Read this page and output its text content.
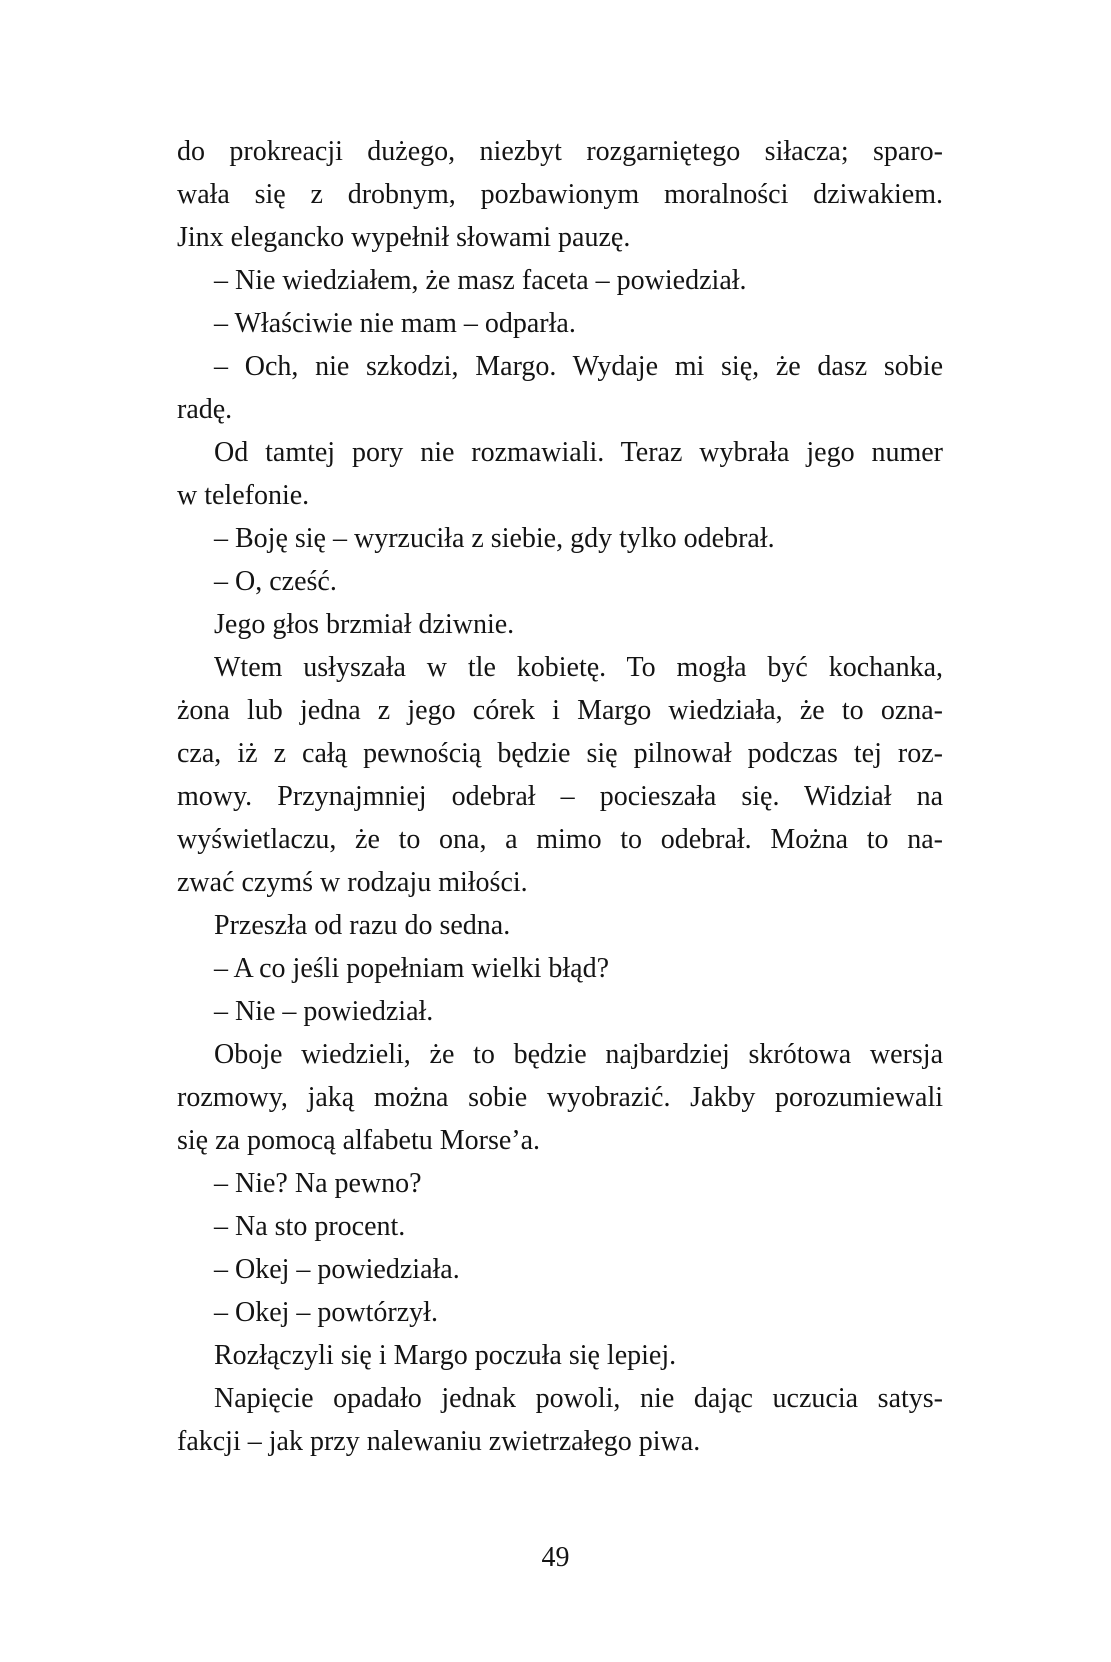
do prokreacji dużego, niezbyt rozgarniętego siłacza; sparo-
wała się z drobnym, pozbawionym moralności dziwakiem.
Jinx elegancko wypełnił słowami pauzę.
– Nie wiedziałem, że masz faceta – powiedział.
– Właściwie nie mam – odparła.
– Och, nie szkodzi, Margo. Wydaje mi się, że dasz sobie
radę.
Od tamtej pory nie rozmawiali. Teraz wybrała jego numer
w telefonie.
– Boję się – wyrzuciła z siebie, gdy tylko odebrał.
– O, cześć.
Jego głos brzmiał dziwnie.
Wtem usłyszała w tle kobietę. To mogła być kochanka,
żona lub jedna z jego córek i Margo wiedziała, że to ozna-
cza, iż z całą pewnością będzie się pilnował podczas tej roz-
mowy. Przynajmniej odebrał – pocieszała się. Widział na
wyświetlaczu, że to ona, a mimo to odebrał. Można to na-
zwać czymś w rodzaju miłości.
Przeszła od razu do sedna.
– A co jeśli popełniam wielki błąd?
– Nie – powiedział.
Oboje wiedzieli, że to będzie najbardziej skrótowa wersja
rozmowy, jaką można sobie wyobrazić. Jakby porozumiewali
się za pomocą alfabetu Morse’a.
– Nie? Na pewno?
– Na sto procent.
– Okej – powiedziała.
– Okej – powtórzył.
Rozłączyli się i Margo poczuła się lepiej.
Napięcie opadało jednak powoli, nie dając uczucia satys-
fakcji – jak przy nalewaniu zwietrzałego piwa.
49
